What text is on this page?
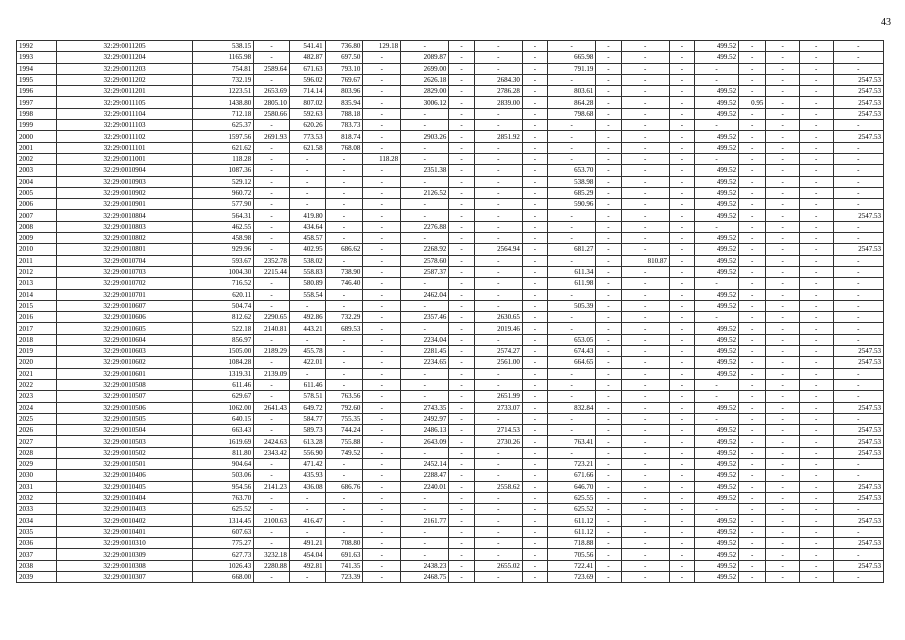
43
1992	32:29:0011205	538.15	-	541.41	736.80	129.18	-	-	-	-	-	-	-	-	499.52	-	-	-	-
1993	32:29:0011204	1165.98	-	482.87	697.50	-	2089.87	-	-	-	665.98	-	-	-	499.52	-	-	-	-
1994	32:29:0011203	754.81	2589.64	671.63	793.10	-	2699.00	-	-	-	791.19	-	-	-	-	-	-	-	-
1995	32:29:0011202	732.19	-	596.02	769.67	-	2626.18	-	2684.30	-	-	-	-	-	-	-	-	-	2547.53
1996	32:29:0011201	1223.51	2653.69	714.14	803.96	-	2829.00	-	2786.28	-	803.61	-	-	-	499.52	-	-	-	2547.53
1997	32:29:0011105	1438.80	2805.10	807.02	835.94	-	3006.12	-	2839.00	-	864.28	-	-	-	499.52	0.95	-	-	2547.53
1998	32:29:0011104	712.18	2580.66	592.63	788.18	-	-	-	-	-	798.68	-	-	-	499.52	-	-	-	2547.53
1999	32:29:0011103	625.37	-	620.26	783.73	-	-	-	-	-	-	-	-	-	-	-	-	-	-
2000	32:29:0011102	1597.56	2691.93	773.53	818.74	-	2903.26	-	2851.92	-	-	-	-	-	499.52	-	-	-	2547.53
2001	32:29:0011101	621.62	-	621.58	768.08	-	-	-	-	-	-	-	-	-	499.52	-	-	-	-
2002	32:29:0011001	118.28	-	-	-	118.28	-	-	-	-	-	-	-	-	-	-	-	-	-
2003	32:29:0010904	1087.36	-	-	-	-	2351.38	-	-	-	653.70	-	-	-	499.52	-	-	-	-
2004	32:29:0010903	529.12	-	-	-	-	-	-	-	-	538.98	-	-	-	499.52	-	-	-	-
2005	32:29:0010902	960.72	-	-	-	-	2126.52	-	-	-	685.29	-	-	-	499.52	-	-	-	-
2006	32:29:0010901	577.90	-	-	-	-	-	-	-	-	590.96	-	-	-	499.52	-	-	-	-
2007	32:29:0010804	564.31	-	419.80	-	-	-	-	-	-	-	-	-	-	499.52	-	-	-	2547.53
2008	32:29:0010803	462.55	-	434.64	-	-	2276.88	-	-	-	-	-	-	-	-	-	-	-	-
2009	32:29:0010802	458.98	-	458.57	-	-	-	-	-	-	-	-	-	-	499.52	-	-	-	-
2010	32:29:0010801	929.96	-	402.95	686.62	-	2268.92	-	2564.94	-	681.27	-	-	-	499.52	-	-	-	2547.53
2011	32:29:0010704	593.67	2352.78	538.02	-	-	2578.60	-	-	-	-	-	810.87	-	499.52	-	-	-	-
2012	32:29:0010703	1004.30	2215.44	558.83	738.90	-	2587.37	-	-	-	611.34	-	-	-	499.52	-	-	-	-
2013	32:29:0010702	716.52	-	580.89	746.40	-	-	-	-	-	611.98	-	-	-	-	-	-	-	-
2014	32:29:0010701	620.11	-	558.54	-	-	2462.04	-	-	-	-	-	-	-	499.52	-	-	-	-
2015	32:29:0010607	504.74	-	-	-	-	-	-	-	-	505.39	-	-	-	499.52	-	-	-	-
2016	32:29:0010606	812.62	2290.65	492.86	732.29	-	2357.46	-	2630.65	-	-	-	-	-	-	-	-	-	-
2017	32:29:0010605	522.18	2140.81	443.21	689.53	-	-	-	2019.46	-	-	-	-	-	499.52	-	-	-	-
2018	32:29:0010604	856.97	-	-	-	-	2234.04	-	-	-	653.05	-	-	-	499.52	-	-	-	-
2019	32:29:0010603	1505.00	2189.29	455.78	-	-	2281.45	-	2574.27	-	674.43	-	-	-	499.52	-	-	-	2547.53
2020	32:29:0010602	1084.28	-	422.01	-	-	2234.65	-	2561.00	-	664.65	-	-	-	499.52	-	-	-	2547.53
2021	32:29:0010601	1319.31	2139.09	-	-	-	-	-	-	-	-	-	-	-	499.52	-	-	-	-
2022	32:29:0010508	611.46	-	611.46	-	-	-	-	-	-	-	-	-	-	-	-	-	-	-
2023	32:29:0010507	629.67	-	578.51	763.56	-	-	-	2651.99	-	-	-	-	-	-	-	-	-	-
2024	32:29:0010506	1062.00	2641.43	649.72	792.60	-	2743.35	-	2733.07	-	832.84	-	-	-	499.52	-	-	-	2547.53
2025	32:29:0010505	640.15	-	584.77	755.35	-	2492.97	-	-	-	-	-	-	-	-	-	-	-	-
2026	32:29:0010504	663.43	-	589.73	744.24	-	2486.13	-	2714.53	-	-	-	-	-	499.52	-	-	-	2547.53
2027	32:29:0010503	1619.69	2424.63	613.28	755.88	-	2643.09	-	2730.26	-	763.41	-	-	-	499.52	-	-	-	2547.53
2028	32:29:0010502	811.80	2343.42	556.90	749.52	-	-	-	-	-	-	-	-	-	499.52	-	-	-	2547.53
2029	32:29:0010501	904.64	-	471.42	-	-	2452.14	-	-	-	723.21	-	-	-	499.52	-	-	-	-
2030	32:29:0010406	503.06	-	435.93	-	-	2288.47	-	-	-	671.66	-	-	-	499.52	-	-	-	-
2031	32:29:0010405	954.56	2141.23	436.08	686.76	-	2240.01	-	2558.62	-	646.70	-	-	-	499.52	-	-	-	2547.53
2032	32:29:0010404	763.70	-	-	-	-	-	-	-	-	625.55	-	-	-	499.52	-	-	-	2547.53
2033	32:29:0010403	625.52	-	-	-	-	-	-	-	-	625.52	-	-	-	-	-	-	-	-
2034	32:29:0010402	1314.45	2100.63	416.47	-	-	2161.77	-	-	-	611.12	-	-	-	499.52	-	-	-	2547.53
2035	32:29:0010401	607.63	-	-	-	-	-	-	-	-	611.12	-	-	-	499.52	-	-	-	-
2036	32:29:0010310	775.27	-	491.21	708.80	-	-	-	-	-	718.88	-	-	-	499.52	-	-	-	2547.53
2037	32:29:0010309	627.73	3232.18	454.04	691.63	-	-	-	-	-	705.56	-	-	-	499.52	-	-	-	-
2038	32:29:0010308	1026.43	2280.88	492.81	741.35	-	2438.23	-	2655.02	-	722.41	-	-	-	499.52	-	-	-	2547.53
2039	32:29:0010307	668.00	-	-	723.39	-	2468.75	-	-	-	723.69	-	-	-	499.52	-	-	-	-
